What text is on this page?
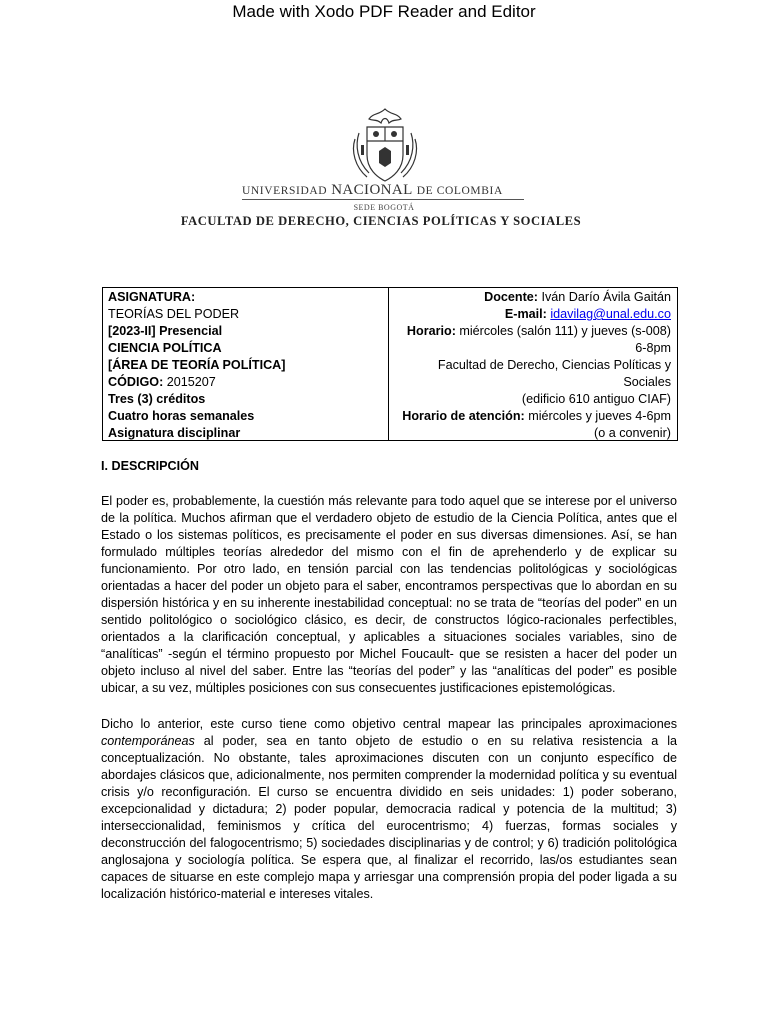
Made with Xodo PDF Reader and Editor
UNIVERSIDAD NACIONAL DE COLOMBIA
SEDE BOGOTÁ
FACULTAD DE DERECHO, CIENCIAS POLÍTICAS Y SOCIALES
ASIGNATURA:
TEORÍAS DEL PODER
[2023-II] Presencial
CIENCIA POLÍTICA
[ÁREA DE TEORÍA POLÍTICA]
CÓDIGO: 2015207
Tres (3) créditos
Cuatro horas semanales
Asignatura disciplinar
Docente: Iván Darío Ávila Gaitán
E-mail: idavilag@unal.edu.co
Horario: miércoles (salón 111) y jueves (s-008)
6-8pm
Facultad de Derecho, Ciencias Políticas y Sociales
(edificio 610 antiguo CIAF)
Horario de atención: miércoles y jueves 4-6pm
(o a convenir)
I. DESCRIPCIÓN

El poder es, probablemente, la cuestión más relevante para todo aquel que se interese por el universo de la política. Muchos afirman que el verdadero objeto de estudio de la Ciencia Política, antes que el Estado o los sistemas políticos, es precisamente el poder en sus diversas dimensiones. Así, se han formulado múltiples teorías alrededor del mismo con el fin de aprehenderlo y de explicar su funcionamiento. Por otro lado, en tensión parcial con las tendencias politológicas y sociológicas orientadas a hacer del poder un objeto para el saber, encontramos perspectivas que lo abordan en su dispersión histórica y en su inherente inestabilidad conceptual: no se trata de “teorías del poder” en un sentido politológico o sociológico clásico, es decir, de constructos lógico-racionales perfectibles, orientados a la clarificación conceptual, y aplicables a situaciones sociales variables, sino de “analíticas” -según el término propuesto por Michel Foucault- que se resisten a hacer del poder un objeto incluso al nivel del saber. Entre las “teorías del poder” y las “analíticas del poder” es posible ubicar, a su vez, múltiples posiciones con sus consecuentes justificaciones epistemológicas.

Dicho lo anterior, este curso tiene como objetivo central mapear las principales aproximaciones contemporáneas al poder, sea en tanto objeto de estudio o en su relativa resistencia a la conceptualización. No obstante, tales aproximaciones discuten con un conjunto específico de abordajes clásicos que, adicionalmente, nos permiten comprender la modernidad política y su eventual crisis y/o reconfiguración. El curso se encuentra dividido en seis unidades: 1) poder soberano, excepcionalidad y dictadura; 2) poder popular, democracia radical y potencia de la multitud; 3) interseccionalidad, feminismos y crítica del eurocentrismo; 4) fuerzas, formas sociales y deconstrucción del falogocentrismo; 5) sociedades disciplinarias y de control; y 6) tradición politológica anglosajona y sociología política. Se espera que, al finalizar el recorrido, las/os estudiantes sean capaces de situarse en este complejo mapa y arriesgar una comprensión propia del poder ligada a su localización histórico-material e intereses vitales.
